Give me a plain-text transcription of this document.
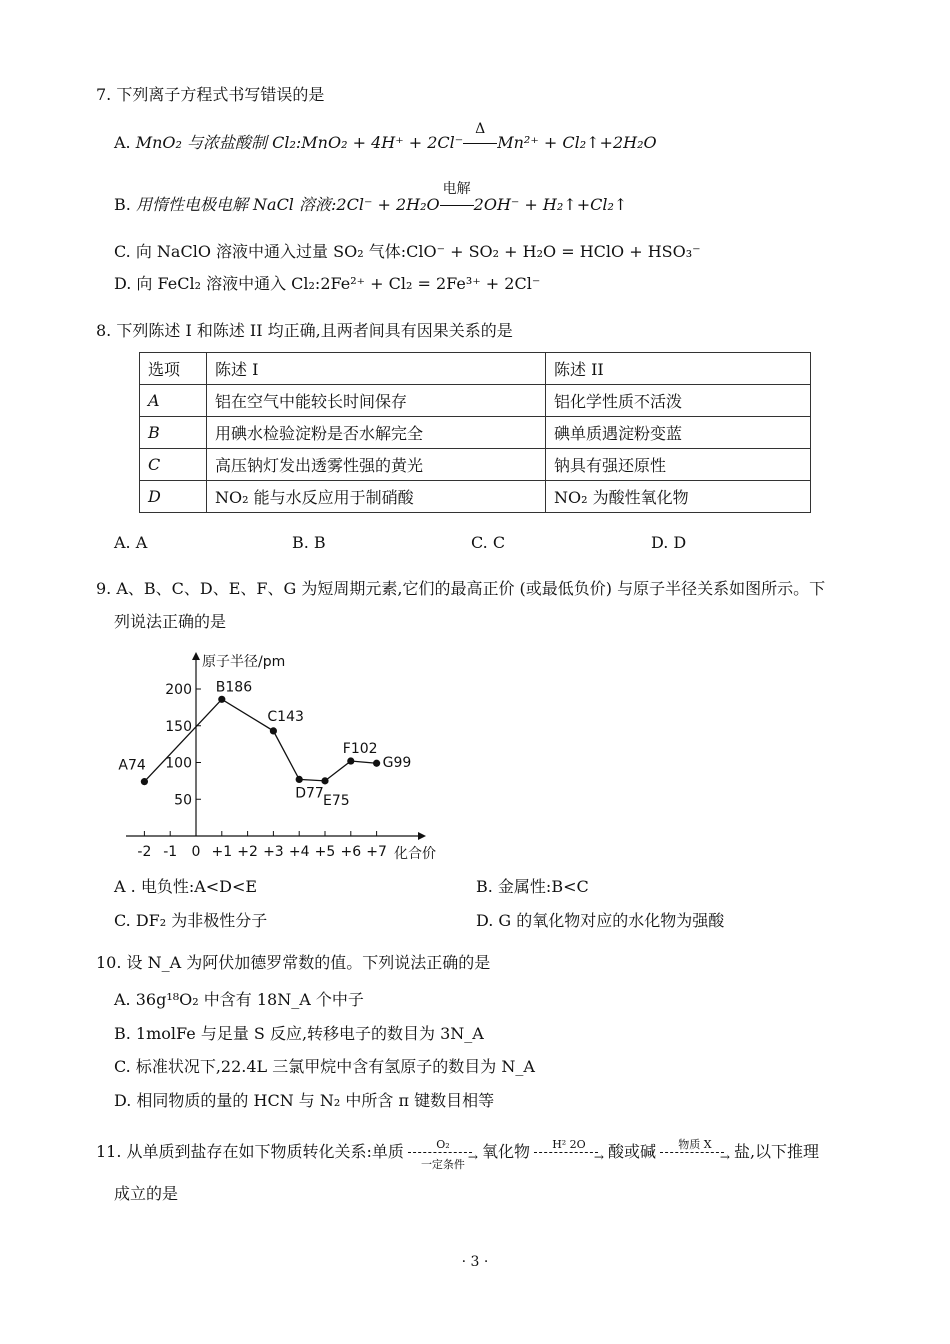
7. 下列离子方程式书写错误的是
A. MnO₂ 与浓盐酸制 Cl₂:MnO₂ + 4H⁺ + 2Cl⁻
Δ
Mn²⁺ + Cl₂↑+2H₂O
B. 用惰性电极电解 NaCl 溶液:2Cl⁻ + 2H₂O
电解
2OH⁻ + H₂↑+Cl₂↑
C. 向 NaClO 溶液中通入过量 SO₂ 气体:ClO⁻ + SO₂ + H₂O = HClO + HSO₃⁻
D. 向 FeCl₂ 溶液中通入 Cl₂:2Fe²⁺ + Cl₂ = 2Fe³⁺ + 2Cl⁻
8. 下列陈述 I 和陈述 II 均正确,且两者间具有因果关系的是
选项	陈述 I	陈述 II
A	铝在空气中能较长时间保存	铝化学性质不活泼
B	用碘水检验淀粉是否水解完全	碘单质遇淀粉变蓝
C	高压钠灯发出透雾性强的黄光	钠具有强还原性
D	NO₂ 能与水反应用于制硝酸	NO₂ 为酸性氧化物
A. A	B. B	C. C	D. D
9. A、B、C、D、E、F、G 为短周期元素,它们的最高正价 (或最低负价) 与原子半径关系如图所示。下
列说法正确的是
原子半径/pm
化合价
-2 -1 0 +1 +2 +3 +4 +5 +6 +7
50
100
150
200
A74
B186
C143
D77 E75
F102
G99
A . 电负性:A<D<E	B. 金属性:B<C
C. DF₂ 为非极性分子	D. G 的氧化物对应的水化物为强酸
10. 设 N_A 为阿伏加德罗常数的值。下列说法正确的是
A. 36g¹⁸O₂ 中含有 18N_A 个中子
B. 1molFe 与足量 S 反应,转移电子的数目为 3N_A
C. 标准状况下,22.4L 三氯甲烷中含有氢原子的数目为 N_A
D. 相同物质的量的 HCN 与 N₂ 中所含 π 键数目相等
11. 从单质到盐存在如下物质转化关系:单质	O₂
→
一定条件
氧化物	H² 2O
→ 酸或碱	物质 X
→ 盐,以下推理
成立的是
· 3 ·
